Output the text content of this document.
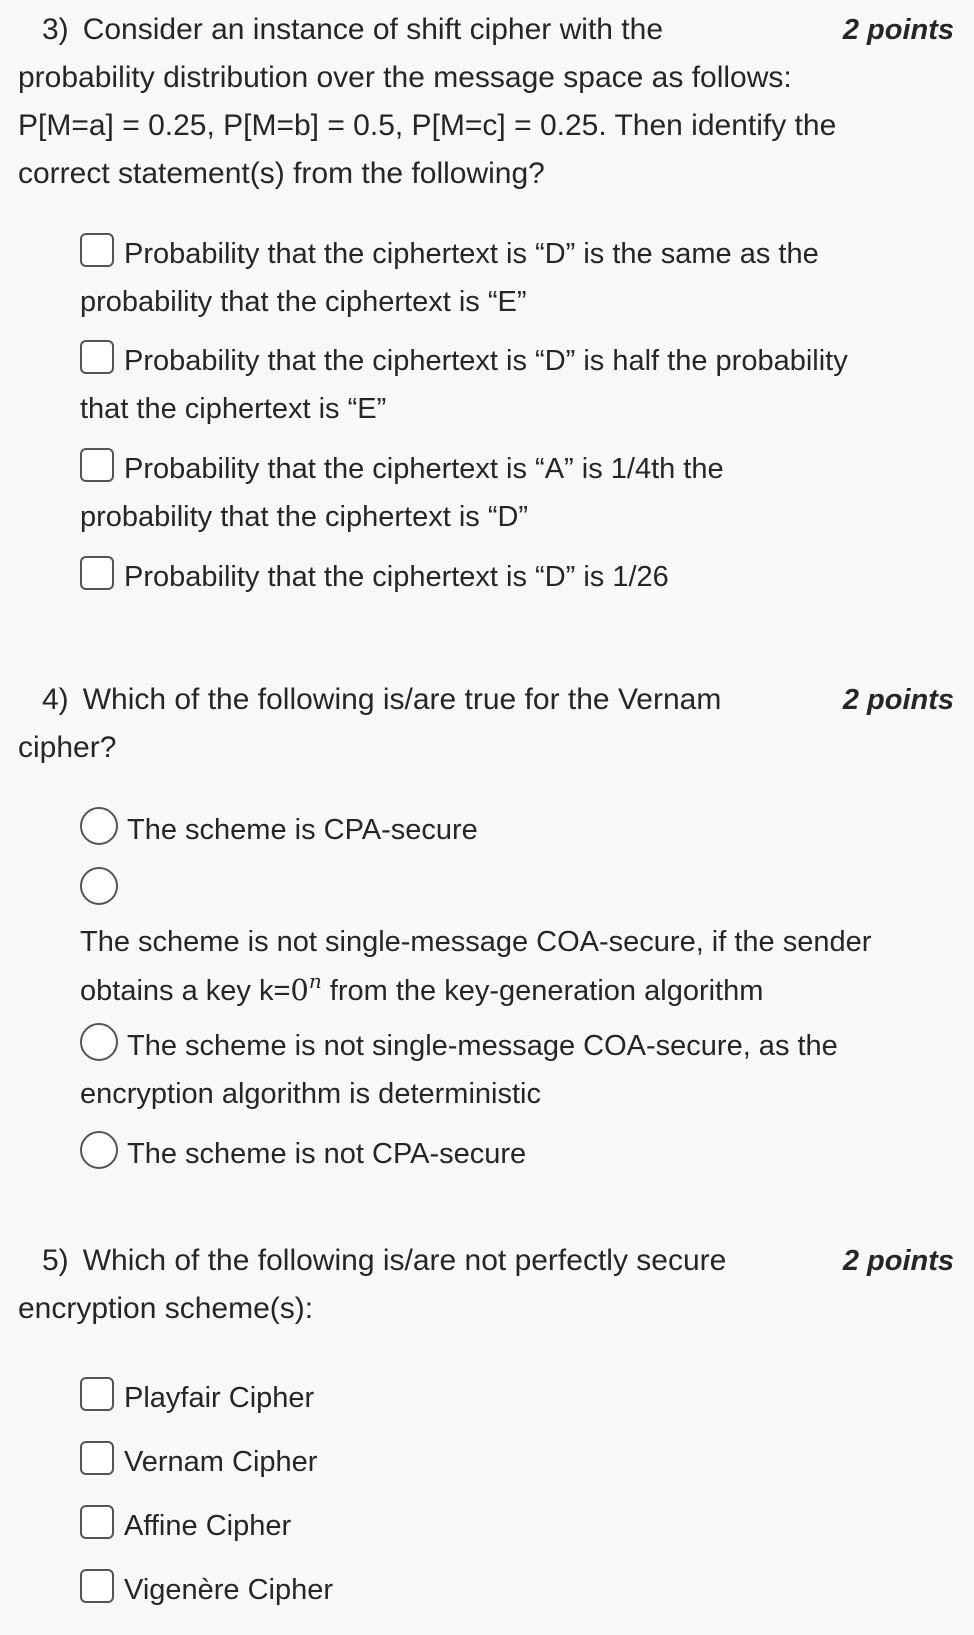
3) Consider an instance of shift cipher with the	2 points
probability distribution over the message space as follows:
P[M=a] = 0.25, P[M=b] = 0.5, P[M=c] = 0.25. Then identify the
correct statement(s) from the following?
Probability that the ciphertext is “D” is the same as the
probability that the ciphertext is “E”
Probability that the ciphertext is “D” is half the probability
that the ciphertext is “E”
Probability that the ciphertext is “A” is 1/4th the
probability that the ciphertext is “D”
Probability that the ciphertext is “D” is 1/26
4) Which of the following is/are true for the Vernam	2 points
cipher?
The scheme is CPA-secure
The scheme is not single-message COA-secure, if the sender
obtains a key $k=0^n$ from the key-generation algorithm
The scheme is not single-message COA-secure, as the
encryption algorithm is deterministic
The scheme is not CPA-secure
5) Which of the following is/are not perfectly secure	2 points
encryption scheme(s):
Playfair Cipher
Vernam Cipher
Affine Cipher
Vigenère Cipher
